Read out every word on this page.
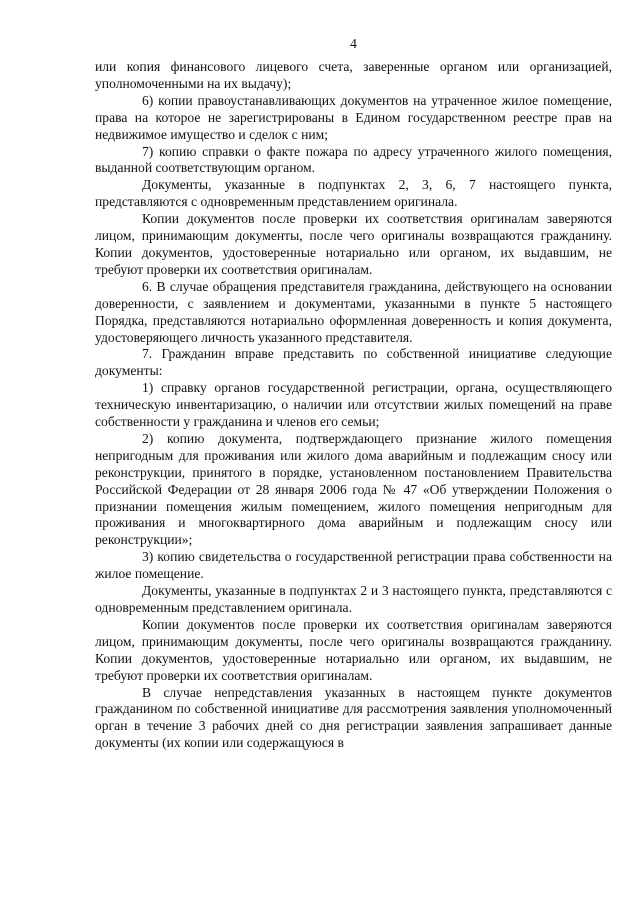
4

или копия финансового лицевого счета, заверенные органом или организацией, уполномоченными на их выдачу);

6) копии правоустанавливающих документов на утраченное жилое помещение, права на которое не зарегистрированы в Едином государственном реестре прав на недвижимое имущество и сделок с ним;

7) копию справки о факте пожара по адресу утраченного жилого помещения, выданной соответствующим органом.

Документы, указанные в подпунктах 2, 3, 6, 7 настоящего пункта, представляются с одновременным представлением оригинала.

Копии документов после проверки их соответствия оригиналам заверяются лицом, принимающим документы, после чего оригиналы возвращаются гражданину. Копии документов, удостоверенные нотариально или органом, их выдавшим, не требуют проверки их соответствия оригиналам.

6. В случае обращения представителя гражданина, действующего на основании доверенности, с заявлением и документами, указанными в пункте 5 настоящего Порядка, представляются нотариально оформленная доверенность и копия документа, удостоверяющего личность указанного представителя.

7. Гражданин вправе представить по собственной инициативе следующие документы:

1) справку органов государственной регистрации, органа, осуществляющего техническую инвентаризацию, о наличии или отсутствии жилых помещений на праве собственности у гражданина и членов его семьи;

2) копию документа, подтверждающего признание жилого помещения непригодным для проживания или жилого дома аварийным и подлежащим сносу или реконструкции, принятого в порядке, установленном постановлением Правительства Российской Федерации от 28 января 2006 года № 47 «Об утверждении Положения о признании помещения жилым помещением, жилого помещения непригодным для проживания и многоквартирного дома аварийным и подлежащим сносу или реконструкции»;

3) копию свидетельства о государственной регистрации права собственности на жилое помещение.

Документы, указанные в подпунктах 2 и 3 настоящего пункта, представляются с одновременным представлением оригинала.

Копии документов после проверки их соответствия оригиналам заверяются лицом, принимающим документы, после чего оригиналы возвращаются гражданину. Копии документов, удостоверенные нотариально или органом, их выдавшим, не требуют проверки их соответствия оригиналам.

В случае непредставления указанных в настоящем пункте документов гражданином по собственной инициативе для рассмотрения заявления уполномоченный орган в течение 3 рабочих дней со дня регистрации заявления запрашивает данные документы (их копии или содержащуюся в
